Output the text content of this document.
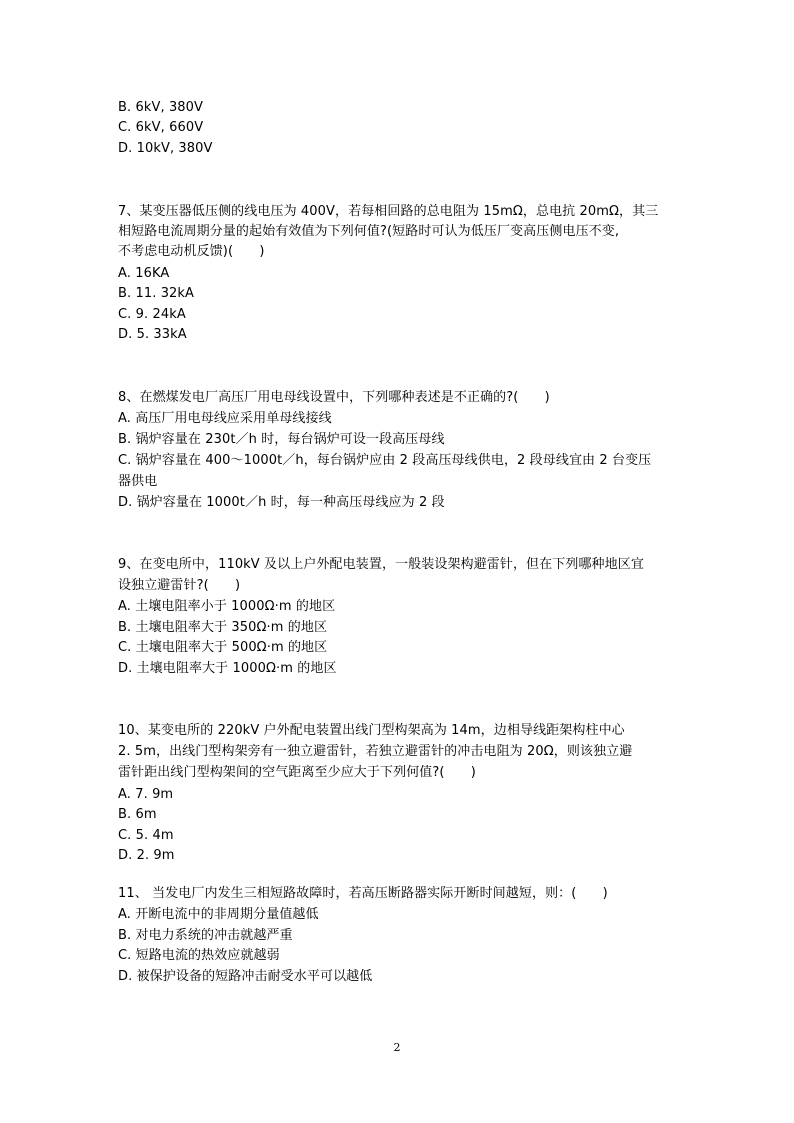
B. 6kV, 380V

C. 6kV, 660V

D. 10kV, 380V

7、某变压器低压侧的线电压为 400V，若每相回路的总电阻为 15mΩ，总电抗 20mΩ，其三

相短路电流周期分量的起始有效值为下列何值?(短路时可认为低压厂变高压侧电压不变,

不考虑电动机反馈)(　　)

A. 16KA

B. 11. 32kA

C. 9. 24kA

D. 5. 33kA

8、在燃煤发电厂高压厂用电母线设置中，下列哪种表述是不正确的?(　　)

A. 高压厂用电母线应采用单母线接线

B. 锅炉容量在 230t／h 时，每台锅炉可设一段高压母线

C. 锅炉容量在 400～1000t／h，每台锅炉应由 2 段高压母线供电，2 段母线宜由 2 台变压

器供电

D. 锅炉容量在 1000t／h 时，每一种高压母线应为 2 段

9、在变电所中，110kV 及以上户外配电装置，一般装设架构避雷针，但在下列哪种地区宜

设独立避雷针?(　　)

A. 土壤电阻率小于 1000Ω·m 的地区

B. 土壤电阻率大于 350Ω·m 的地区

C. 土壤电阻率大于 500Ω·m 的地区

D. 土壤电阻率大于 1000Ω·m 的地区

10、某变电所的 220kV 户外配电装置出线门型构架高为 14m，边相导线距架构柱中心

2. 5m，出线门型构架旁有一独立避雷针，若独立避雷针的冲击电阻为 20Ω，则该独立避

雷针距出线门型构架间的空气距离至少应大于下列何值?(　　)

A. 7. 9m

B. 6m

C. 5. 4m

D. 2. 9m

11、 当发电厂内发生三相短路故障时，若高压断路器实际开断时间越短，则：(　　)

A. 开断电流中的非周期分量值越低

B. 对电力系统的冲击就越严重

C. 短路电流的热效应就越弱

D. 被保护设备的短路冲击耐受水平可以越低

2
